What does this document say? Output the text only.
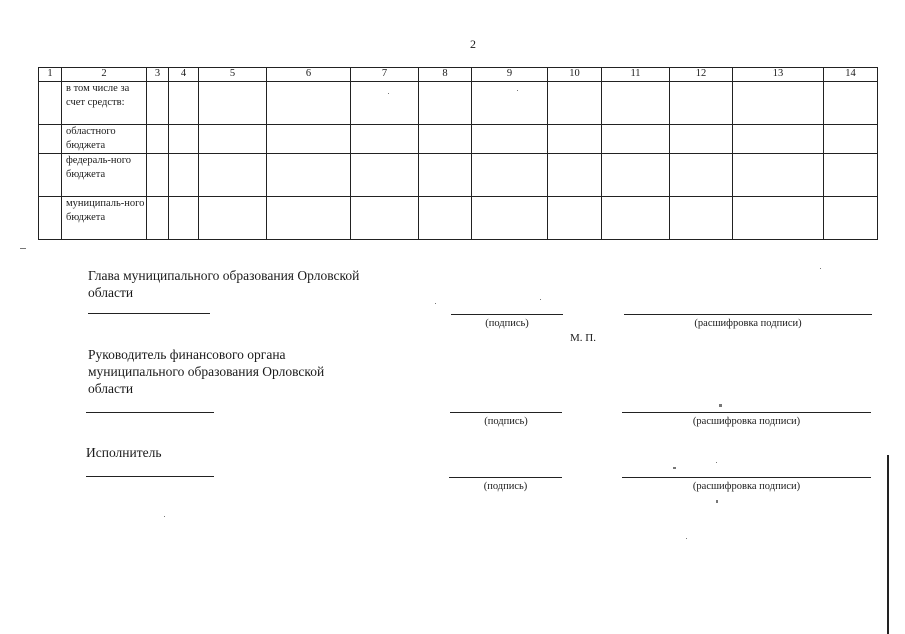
2
1	2	3	4	5	6	7	8	9	10	11	12	13	14
	в том числе за счет средств:												
	областного бюджета												
	федераль-ного бюджета												
	муниципаль-ного бюджета												
Глава муниципального образования Орловской области
(подпись)	(расшифровка подписи)
М. П.
Руководитель финансового органа муниципального образования Орловской области
(подпись)	(расшифровка подписи)
Исполнитель
(подпись)	(расшифровка подписи)
